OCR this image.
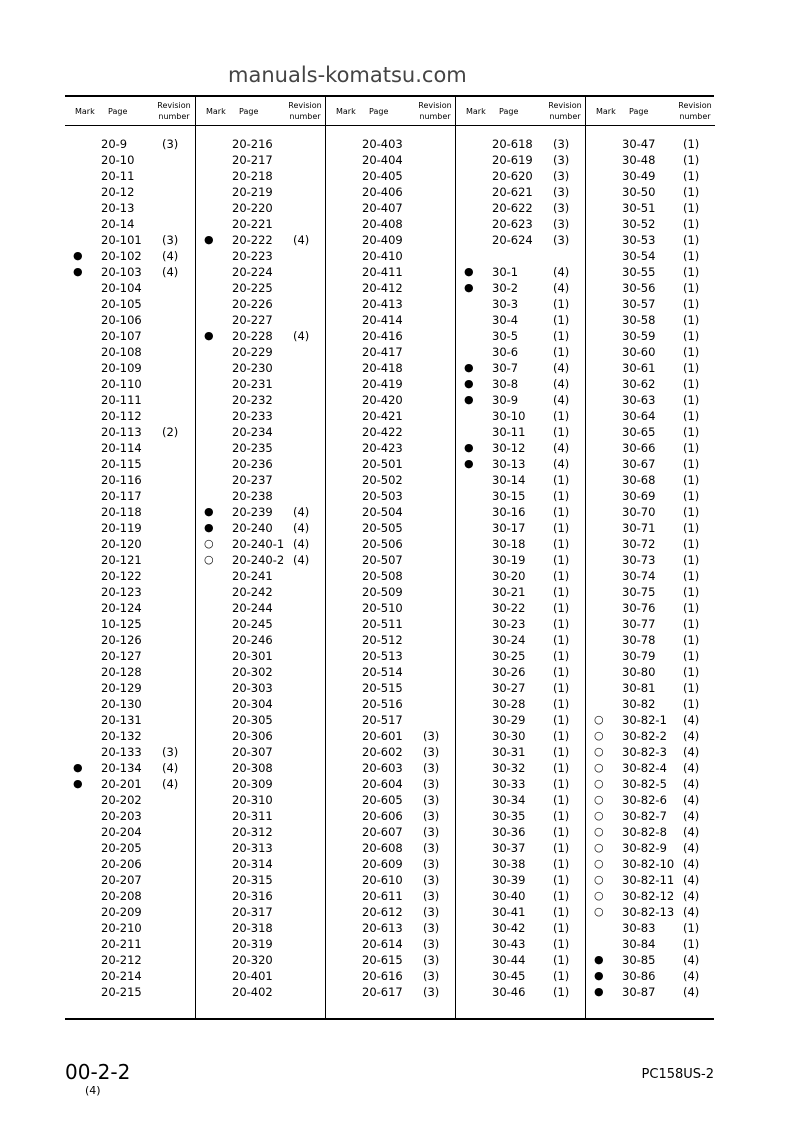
manuals-komatsu.com
Mark Page
Revision
number
20-9	(3)
20-10
20-11
20-12
20-13
20-14
20-101 (3)
● 20-102 (4)
● 20-103 (4)
20-104
20-105
20-106
20-107
20-108
20-109
20-110
20-111
20-112
20-113 (2)
20-114
20-115
20-116
20-117
20-118
20-119
20-120
20-121
20-122
20-123
20-124
10-125
20-126
20-127
20-128
20-129
20-130
20-131
20-132
20-133 (3)
● 20-134 (4)
● 20-201 (4)
20-202
20-203
20-204
20-205
20-206
20-207
20-208
20-209
20-210
20-211
20-212
20-214
20-215
Mark Page
Revision
number
20-216
20-217
20-218
20-219
20-220
20-221
● 20-222 (4)
20-223
20-224
20-225
20-226
20-227
● 20-228 (4)
20-229
20-230
20-231
20-232
20-233
20-234
20-235
20-236
20-237
20-238
● 20-239 (4)
● 20-240 (4)
○ 20-240-1 (4)
○ 20-240-2 (4)
20-241
20-242
20-244
20-245
20-246
20-301
20-302
20-303
20-304
20-305
20-306
20-307
20-308
20-309
20-310
20-311
20-312
20-313
20-314
20-315
20-316
20-317
20-318
20-319
20-320
20-401
20-402
Mark Page
Revision
number
20-403
20-404
20-405
20-406
20-407
20-408
20-409
20-410
20-411
20-412
20-413
20-414
20-416
20-417
20-418
20-419
20-420
20-421
20-422
20-423
20-501
20-502
20-503
20-504
20-505
20-506
20-507
20-508
20-509
20-510
20-511
20-512
20-513
20-514
20-515
20-516
20-517
20-601 (3)
20-602 (3)
20-603 (3)
20-604 (3)
20-605 (3)
20-606 (3)
20-607 (3)
20-608 (3)
20-609 (3)
20-610 (3)
20-611 (3)
20-612 (3)
20-613 (3)
20-614 (3)
20-615 (3)
20-616 (3)
20-617 (3)
Mark Page
Revision
number
20-618 (3)
20-619 (3)
20-620 (3)
20-621 (3)
20-622 (3)
20-623 (3)
20-624 (3)
● 30-1	(4)
● 30-2	(4)
30-3	(1)
30-4	(1)
30-5	(1)
30-6	(1)
● 30-7	(4)
● 30-8	(4)
● 30-9	(4)
30-10 (1)
30-11 (1)
● 30-12 (4)
● 30-13 (4)
30-14 (1)
30-15 (1)
30-16 (1)
30-17 (1)
30-18 (1)
30-19 (1)
30-20 (1)
30-21 (1)
30-22 (1)
30-23 (1)
30-24 (1)
30-25 (1)
30-26 (1)
30-27 (1)
30-28 (1)
30-29 (1)
30-30 (1)
30-31 (1)
30-32 (1)
30-33 (1)
30-34 (1)
30-35 (1)
30-36 (1)
30-37 (1)
30-38 (1)
30-39 (1)
30-40 (1)
30-41 (1)
30-42 (1)
30-43 (1)
30-44 (1)
30-45 (1)
30-46 (1)
Mark Page
Revision
number
30-47 (1)
30-48 (1)
30-49 (1)
30-50 (1)
30-51 (1)
30-52 (1)
30-53 (1)
30-54 (1)
30-55 (1)
30-56 (1)
30-57 (1)
30-58 (1)
30-59 (1)
30-60 (1)
30-61 (1)
30-62 (1)
30-63 (1)
30-64 (1)
30-65 (1)
30-66 (1)
30-67 (1)
30-68 (1)
30-69 (1)
30-70 (1)
30-71 (1)
30-72 (1)
30-73 (1)
30-74 (1)
30-75 (1)
30-76 (1)
30-77 (1)
30-78 (1)
30-79 (1)
30-80 (1)
30-81 (1)
30-82 (1)
○ 30-82-1 (4)
○ 30-82-2 (4)
○ 30-82-3 (4)
○ 30-82-4 (4)
○ 30-82-5 (4)
○ 30-82-6 (4)
○ 30-82-7 (4)
○ 30-82-8 (4)
○ 30-82-9 (4)
○ 30-82-10 (4)
○ 30-82-11 (4)
○ 30-82-12 (4)
○ 30-82-13 (4)
30-83 (1)
30-84 (1)
● 30-85 (4)
● 30-86 (4)
● 30-87 (4)
00-2-2
(4)
PC158US-2
